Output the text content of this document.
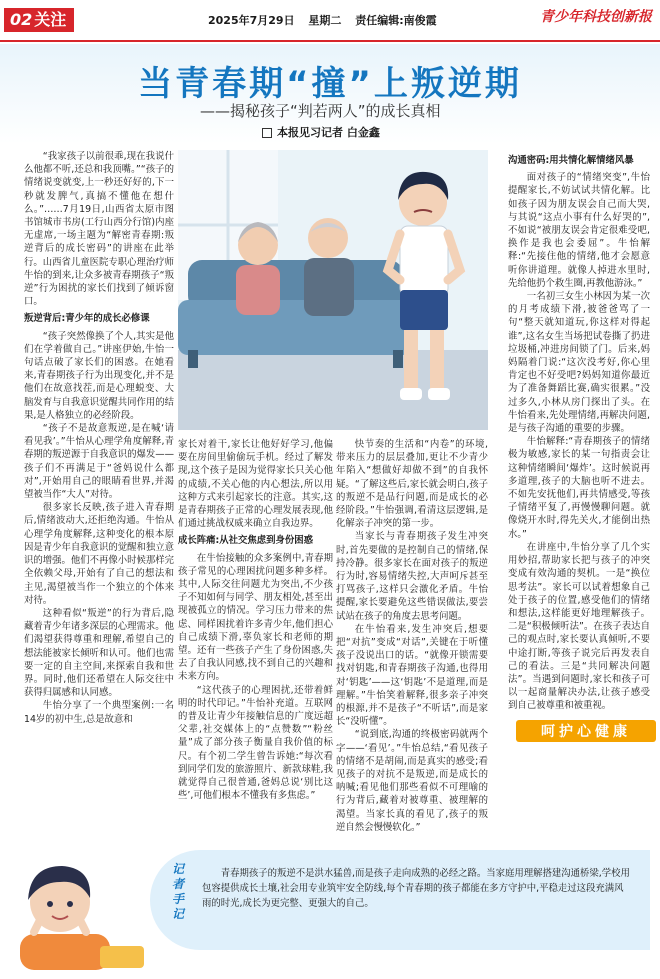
02 关注	2025年7月29日 星期二 责任编辑:南俊霞	青少年科技创新报
当青春期“撞”上叛逆期
——揭秘孩子“判若两人”的成长真相
本报见习记者 白金鑫

“我家孩子以前很乖,现在我说什么他都不听,还总和我顶嘴。”“孩子的情绪说变就变,上一秒还好好的,下一秒就发脾气,真搞不懂他在想什么。”……7月19日,山西省太原市图书馆城市书房(工行山西分行馆)内座无虚席,一场主题为“解密青春期:叛逆背后的成长密码”的讲座在此举行。山西省儿童医院专职心理治疗师牛怡的到来,让众多被青春期孩子“叛逆”行为困扰的家长们找到了倾诉窗口。

叛逆背后:青少年的成长必修课

“孩子突然像换了个人,其实是他们在学着做自己。”讲座伊始,牛怡一句话点破了家长们的困惑。在她看来,青春期孩子行为出现变化,并不是他们在故意找茬,而是心理蜕变、大脑发育与自我意识觉醒共同作用的结果,是人格独立的必经阶段。

“孩子不是故意叛逆,是在喊‘请看见我’。”牛怡从心理学角度解释,青春期的叛逆源于自我意识的爆发——孩子们不再满足于“爸妈说什么都对”,开始用自己的眼睛看世界,并渴望被当作“大人”对待。

很多家长反映,孩子进入青春期后,情绪波动大,还拒绝沟通。牛怡从心理学角度解释,这种变化的根本原因是青少年自我意识的觉醒和独立意识的增强。他们不再像小时候那样完全依赖父母,开始有了自己的想法和主见,渴望被当作一个独立的个体来对待。

这种看似“叛逆”的行为背后,隐藏着青少年诸多深层的心理需求。他们渴望获得尊重和理解,希望自己的想法能被家长倾听和认可。他们也需要一定的自主空间,来探索自我和世界。同时,他们还希望在人际交往中获得归属感和认同感。

牛怡分享了一个典型案例:一名14岁的初中生,总是故意和

家长对着干,家长让他好好学习,他偏要在房间里偷偷玩手机。经过了解发现,这个孩子是因为觉得家长只关心他的成绩,不关心他的内心想法,所以用这种方式来引起家长的注意。其实,这是青春期孩子正常的心理发展表现,他们通过挑战权威来确立自我边界。

成长阵痛:从社交焦虑到身份困惑

在牛怡接触的众多案例中,青春期孩子常见的心理困扰问题多种多样。其中,人际交往问题尤为突出,不少孩子不知如何与同学、朋友相处,甚至出现被孤立的情况。学习压力带来的焦虑、同样困扰着许多青少年,他们担心自己成绩下滑,辜负家长和老师的期望。还有一些孩子产生了身份困惑,失去了自我认同感,找不到自己的兴趣和未来方向。

“这代孩子的心理困扰,还带着鲜明的时代印记。”牛怡补充道。互联网的普及让青少年接触信息的广度远超父辈,社交媒体上的“点赞数”“粉丝量”成了部分孩子衡量自我价值的标尺。有个初二学生曾告诉她:“每次看到同学们发的旅游照片、新款球鞋,我就觉得自己很普通,爸妈总说‘别比这些’,可他们根本不懂我有多焦虑。”

快节奏的生活和“内卷”的环境,带来压力的层层叠加,更让不少青少年陷入“想做好却做不到”的自我怀疑。“了解这些后,家长就会明白,孩子的叛逆不是品行问题,而是成长的必经阶段。”牛怡强调,看清这层逻辑,是化解亲子冲突的第一步。

当家长与青春期孩子发生冲突时,首先要做的是控制自己的情绪,保持冷静。很多家长在面对孩子的叛逆行为时,容易情绪失控,大声呵斥甚至打骂孩子,这样只会激化矛盾。牛怡提醒,家长要避免这些错误做法,要尝试站在孩子的角度去思考问题。

在牛怡看来,发生冲突后,想要把“对抗”变成“对话”,关键在于听懂孩子没说出口的话。“就像开锁需要找对钥匙,和青春期孩子沟通,也得用对‘钥匙’——这‘钥匙’不是道理,而是理解。”牛怡笑着解释,很多亲子冲突的根源,并不是孩子“不听话”,而是家长“没听懂”。

“说到底,沟通的终极密码就两个字——‘看见’。”牛怡总结,“看见孩子的情绪不是胡闹,而是真实的感受;看见孩子的对抗不是叛逆,而是成长的呐喊;看见他们那些看似不可理喻的行为背后,藏着对被尊重、被理解的渴望。当家长真的看见了,孩子的叛逆自然会慢慢软化。”

沟通密码:用共情化解情绪风暴

面对孩子的“情绪突变”,牛怡提醒家长,不妨试试共情化解。比如孩子因为朋友误会自己而大哭,与其说“这点小事有什么好哭的”,不如说“被朋友误会肯定很难受吧,换作是我也会委屈”。牛怡解释:“先接住他的情绪,他才会愿意听你讲道理。就像人掉进水里时,先给他扔个救生圈,再教他游泳。”

一名初三女生小林因为某一次的月考成绩下滑,被爸爸骂了一句“整天就知道玩,你这样对得起谁”,这名女生当场把试卷撕了扔进垃圾桶,冲进房间锁了门。后来,妈妈隔着门说:“这次没考好,你心里肯定也不好受吧?妈妈知道你最近为了准备舞蹈比赛,确实很累。”没过多久,小林从房门探出了头。在牛怡看来,先处理情绪,再解决问题,是与孩子沟通的重要的步骤。

牛怡解释:“青春期孩子的情绪极为敏感,家长的某一句指责会让这种情绪瞬间‘爆炸’。这时候说再多道理,孩子的大脑也听不进去。不如先安抚他们,再共情感受,等孩子情绪平复了,再慢慢聊问题。就像烧开水时,得先关火,才能倒出热水。”

在讲座中,牛怡分享了几个实用妙招,帮助家长把与孩子的冲突变成有效沟通的契机。一是“换位思考法”。家长可以试着想象自己处于孩子的位置,感受他们的情绪和想法,这样能更好地理解孩子。二是“积极倾听法”。在孩子表达自己的观点时,家长要认真倾听,不要中途打断,等孩子说完后再发表自己的看法。三是“共同解决问题法”。当遇到问题时,家长和孩子可以一起商量解决办法,让孩子感受到自己被尊重和被重视。

呵护心健康
记者手记
青春期孩子的叛逆不是洪水猛兽,而是孩子走向成熟的必经之路。当家庭用理解搭建沟通桥梁,学校用包容提供成长土壤,社会用专业筑牢安全防线,每个青春期的孩子都能在多方守护中,平稳走过这段充满风雨的时光,成长为更完整、更强大的自己。
